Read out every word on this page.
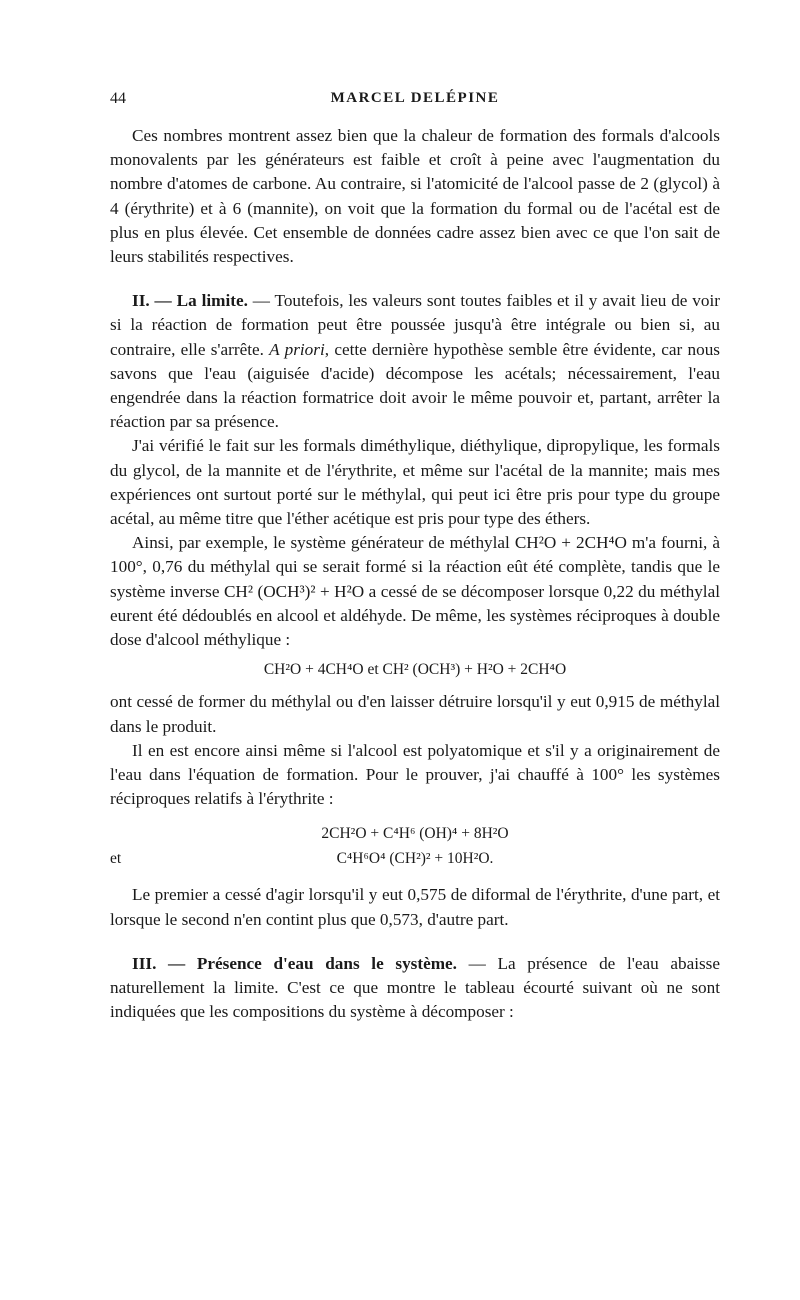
44	MARCEL DELÉPINE

Ces nombres montrent assez bien que la chaleur de formation des formals d'alcools monovalents par les générateurs est faible et croît à peine avec l'augmentation du nombre d'atomes de carbone. Au contraire, si l'atomicité de l'alcool passe de 2 (glycol) à 4 (érythrite) et à 6 (mannite), on voit que la formation du formal ou de l'acétal est de plus en plus élevée. Cet ensemble de données cadre assez bien avec ce que l'on sait de leurs stabilités respectives.

II. — La limite. — Toutefois, les valeurs sont toutes faibles et il y avait lieu de voir si la réaction de formation peut être poussée jusqu'à être intégrale ou bien si, au contraire, elle s'arrête. A priori, cette dernière hypothèse semble être évidente, car nous savons que l'eau (aiguisée d'acide) décompose les acétals; nécessairement, l'eau engendrée dans la réaction formatrice doit avoir le même pouvoir et, partant, arrêter la réaction par sa présence.

J'ai vérifié le fait sur les formals diméthylique, diéthylique, dipropylique, les formals du glycol, de la mannite et de l'érythrite, et même sur l'acétal de la mannite; mais mes expériences ont surtout porté sur le méthylal, qui peut ici être pris pour type du groupe acétal, au même titre que l'éther acétique est pris pour type des éthers.

Ainsi, par exemple, le système générateur de méthylal CH²O + 2CH⁴O m'a fourni, à 100°, 0,76 du méthylal qui se serait formé si la réaction eût été complète, tandis que le système inverse CH² (OCH³)² + H²O a cessé de se décomposer lorsque 0,22 du méthylal eurent été dédoublés en alcool et aldéhyde. De même, les systèmes réciproques à double dose d'alcool méthylique :

CH²O + 4CH⁴O et CH² (OCH³) + H²O + 2CH⁴O

ont cessé de former du méthylal ou d'en laisser détruire lorsqu'il y eut 0,915 de méthylal dans le produit.

Il en est encore ainsi même si l'alcool est polyatomique et s'il y a originairement de l'eau dans l'équation de formation. Pour le prouver, j'ai chauffé à 100° les systèmes réciproques relatifs à l'érythrite :

2CH²O + C⁴H⁶ (OH)⁴ + 8H²O
et	C⁴H⁶O⁴ (CH²)² + 10H²O.

Le premier a cessé d'agir lorsqu'il y eut 0,575 de diformal de l'érythrite, d'une part, et lorsque le second n'en contint plus que 0,573, d'autre part.

III. — Présence d'eau dans le système. — La présence de l'eau abaisse naturellement la limite. C'est ce que montre le tableau écourté suivant où ne sont indiquées que les compositions du système à décomposer :
